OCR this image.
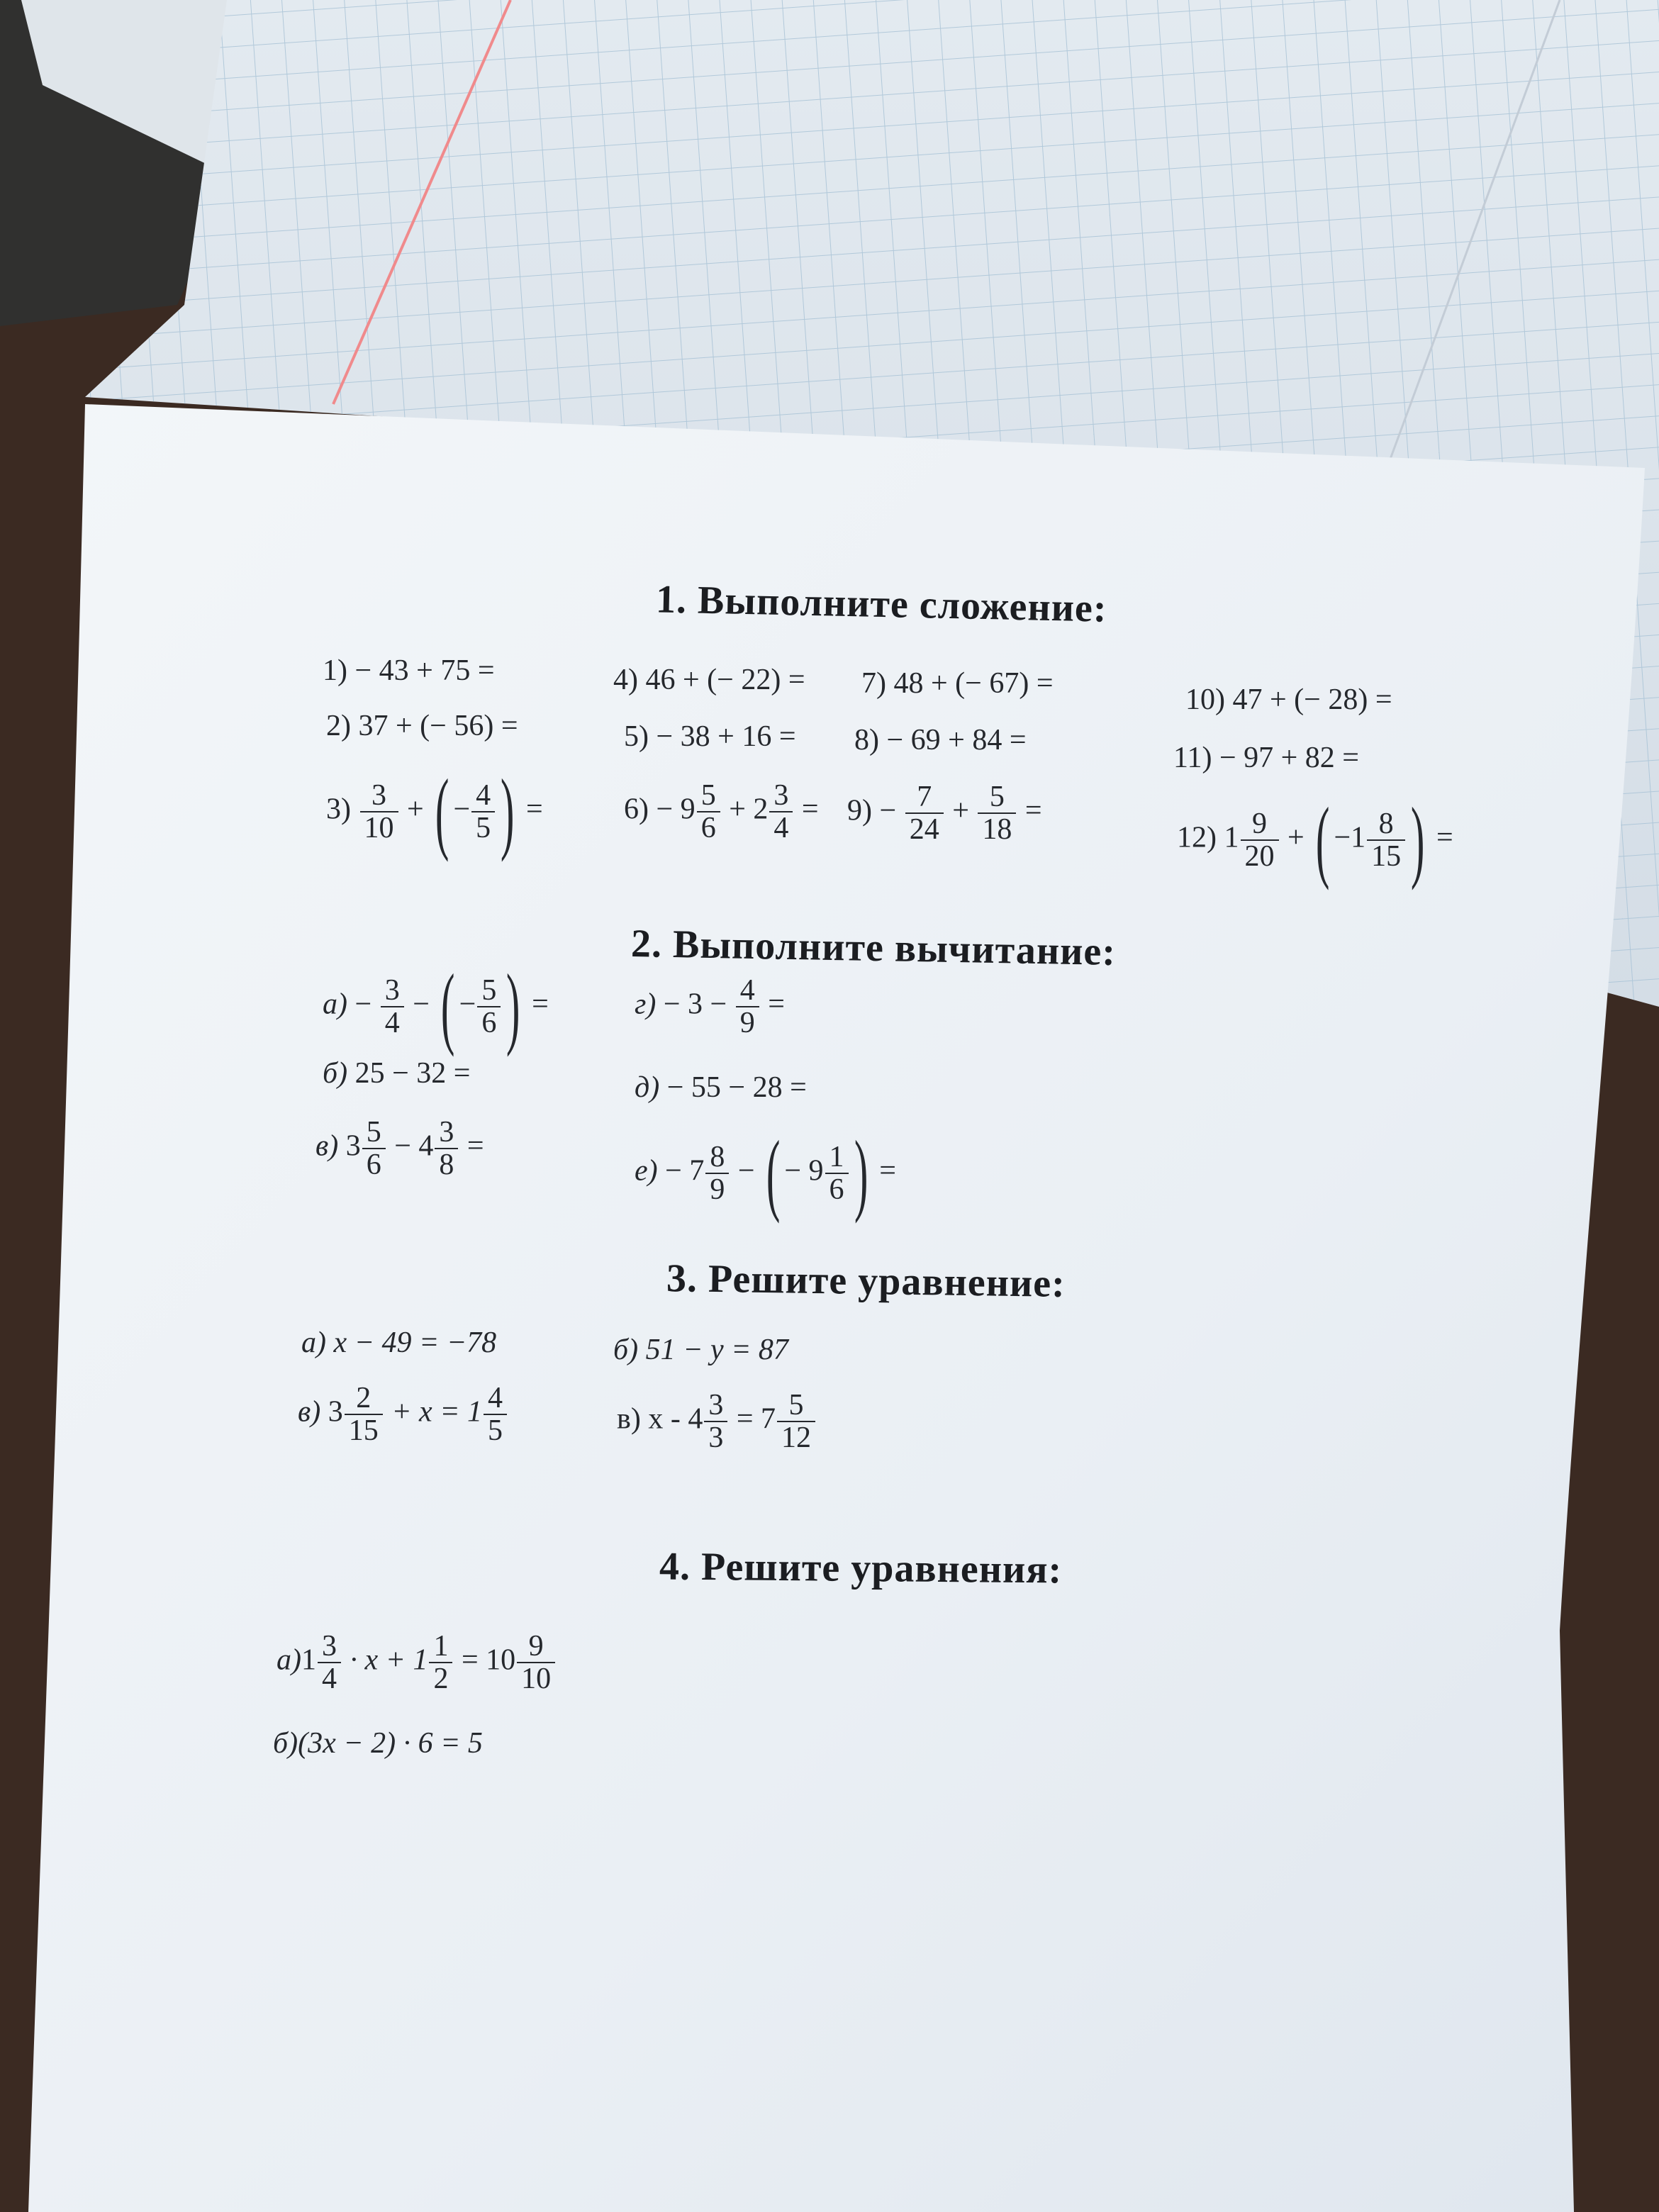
1. Выполните сложение:
1) − 43 + 75 =
2) 37 + (− 56) =
$3) \frac{3}{10}$ + ( − $\frac{4}{5}$ ) =
4) 46 + (− 22) =
5) − 38 + 16 =
$6) - 9 \frac{5}{6} + 2 \frac{3}{4}$ =
7) 48 + (− 67) =
8) − 69 + 84 =
$9) - \frac{7}{24} + \frac{5}{18}$ =
10) 47 + (− 28) =
11) − 97 + 82 =
12) $1 \frac{9}{20}$ + ( $-1 \frac{8}{15}$ ) =
2. Выполните вычитание:
$а) - \frac{3}{4}$ − ( − $\frac{5}{6}$ ) =
б) 25 − 32 =
в) $3 \frac{5}{6} - 4 \frac{3}{8}$ =
$г) - 3 - \frac{4}{9}$ =
д) − 55 − 28 =
$е) - 7 \frac{8}{9}$ − ( − $9 \frac{1}{6}$ ) =
3. Решите уравнение:
а) x − 49 = −78	б) 51 − y = 87
в) $3 \frac{2}{15} + x = 1 \frac{4}{5}$	в) $x - 4 \frac{3}{3} = 7 \frac{5}{12}$
4. Решите уравнения:
$а)1 \frac{3}{4} \cdot x + 1 \frac{1}{2} = 10 \frac{9}{10}$
б)(3x − 2) · 6 = 5
